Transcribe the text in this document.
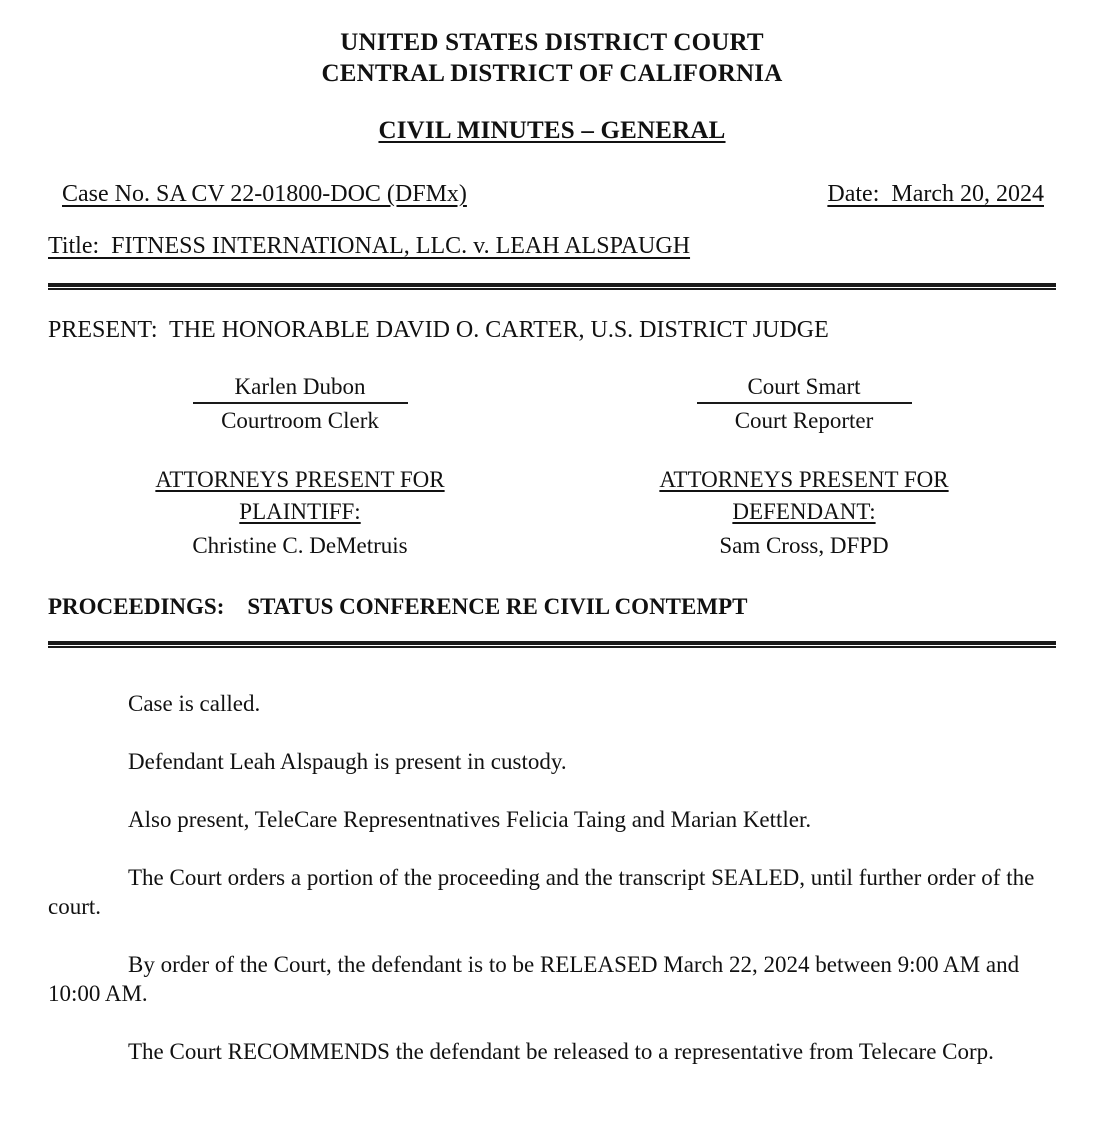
UNITED STATES DISTRICT COURT
CENTRAL DISTRICT OF CALIFORNIA
CIVIL MINUTES – GENERAL
Case No. SA CV 22-01800-DOC (DFMx)	Date:  March 20, 2024
Title:  FITNESS INTERNATIONAL, LLC. v. LEAH ALSPAUGH
PRESENT:  THE HONORABLE DAVID O. CARTER, U.S. DISTRICT JUDGE
Karlen Dubon
Courtroom Clerk
Court Smart
Court Reporter
ATTORNEYS PRESENT FOR
PLAINTIFF:
Christine C. DeMetruis
ATTORNEYS PRESENT FOR
DEFENDANT:
Sam Cross, DFPD
PROCEEDINGS:    STATUS CONFERENCE RE CIVIL CONTEMPT

Case is called.

Defendant Leah Alspaugh is present in custody.

Also present, TeleCare Representnatives Felicia Taing and Marian Kettler.

The Court orders a portion of the proceeding and the transcript SEALED, until further order of the court.

By order of the Court, the defendant is to be RELEASED March 22, 2024 between 9:00 AM and 10:00 AM.

The Court RECOMMENDS the defendant be released to a representative from Telecare Corp.
